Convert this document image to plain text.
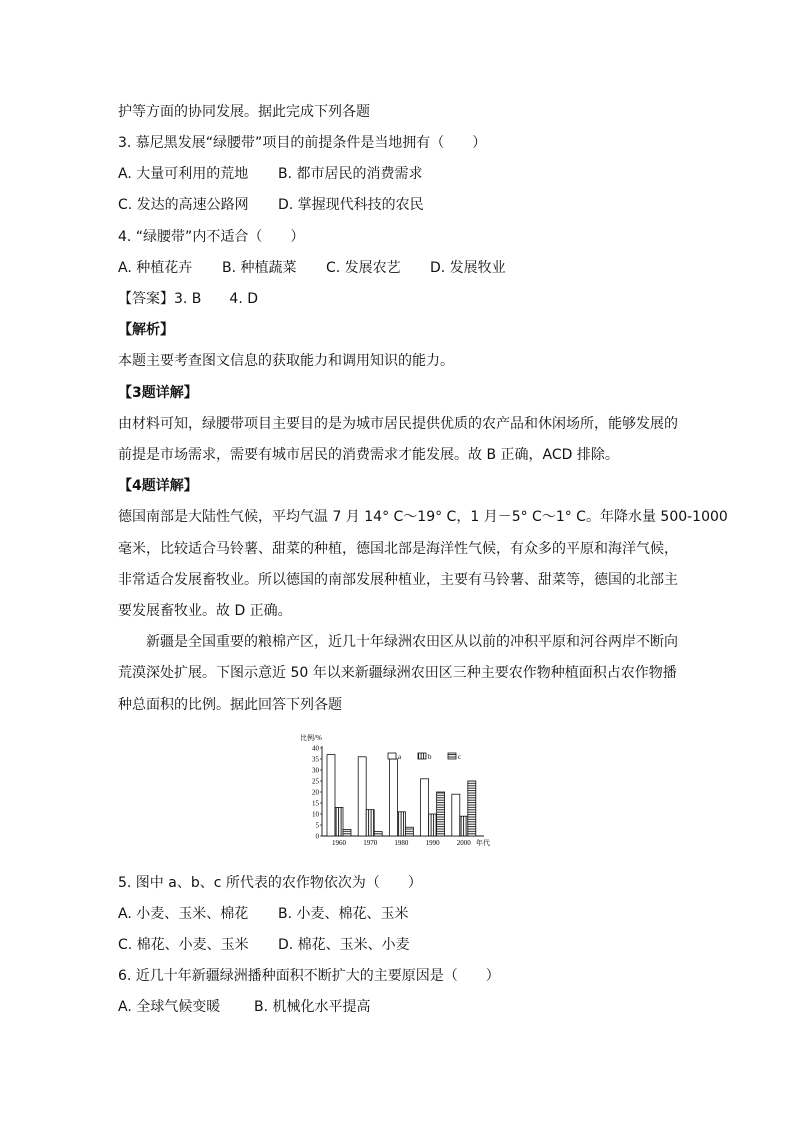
护等方面的协同发展。据此完成下列各题
3. 慕尼黑发展“绿腰带”项目的前提条件是当地拥有（　　）
A. 大量可利用的荒地 B. 都市居民的消费需求
C. 发达的高速公路网 D. 掌握现代科技的农民
4. “绿腰带”内不适合（　　）
A. 种植花卉 B. 种植蔬菜 C. 发展农艺 D. 发展牧业
【答案】3. B　　4. D
【解析】
本题主要考查图文信息的获取能力和调用知识的能力。
【3题详解】
由材料可知，绿腰带项目主要目的是为城市居民提供优质的农产品和休闲场所，能够发展的
前提是市场需求，需要有城市居民的消费需求才能发展。故 B 正确，ACD 排除。
【4题详解】
德国南部是大陆性气候，平均气温 7 月 14° C～19° C，1 月－5° C～1° C。年降水量 500-1000
毫米，比较适合马铃薯、甜菜的种植，德国北部是海洋性气候，有众多的平原和海洋气候，
非常适合发展畜牧业。所以德国的南部发展种植业，主要有马铃薯、甜菜等，德国的北部主
要发展畜牧业。故 D 正确。
新疆是全国重要的粮棉产区，近几十年绿洲农田区从以前的冲积平原和河谷两岸不断向
荒漠深处扩展。下图示意近 50 年以来新疆绿洲农田区三种主要农作物种植面积占农作物播
种总面积的比例。据此回答下列各题
比例/%
0
5
10
15
20
25
30
35
40
1960 1970 1980 1990 2000 年代
a	b	c
5. 图中 a、b、c 所代表的农作物依次为（　　）
A. 小麦、玉米、棉花 B. 小麦、棉花、玉米
C. 棉花、小麦、玉米 D. 棉花、玉米、小麦
6. 近几十年新疆绿洲播种面积不断扩大的主要原因是（　　）
A. 全球气候变暖 B. 机械化水平提高
